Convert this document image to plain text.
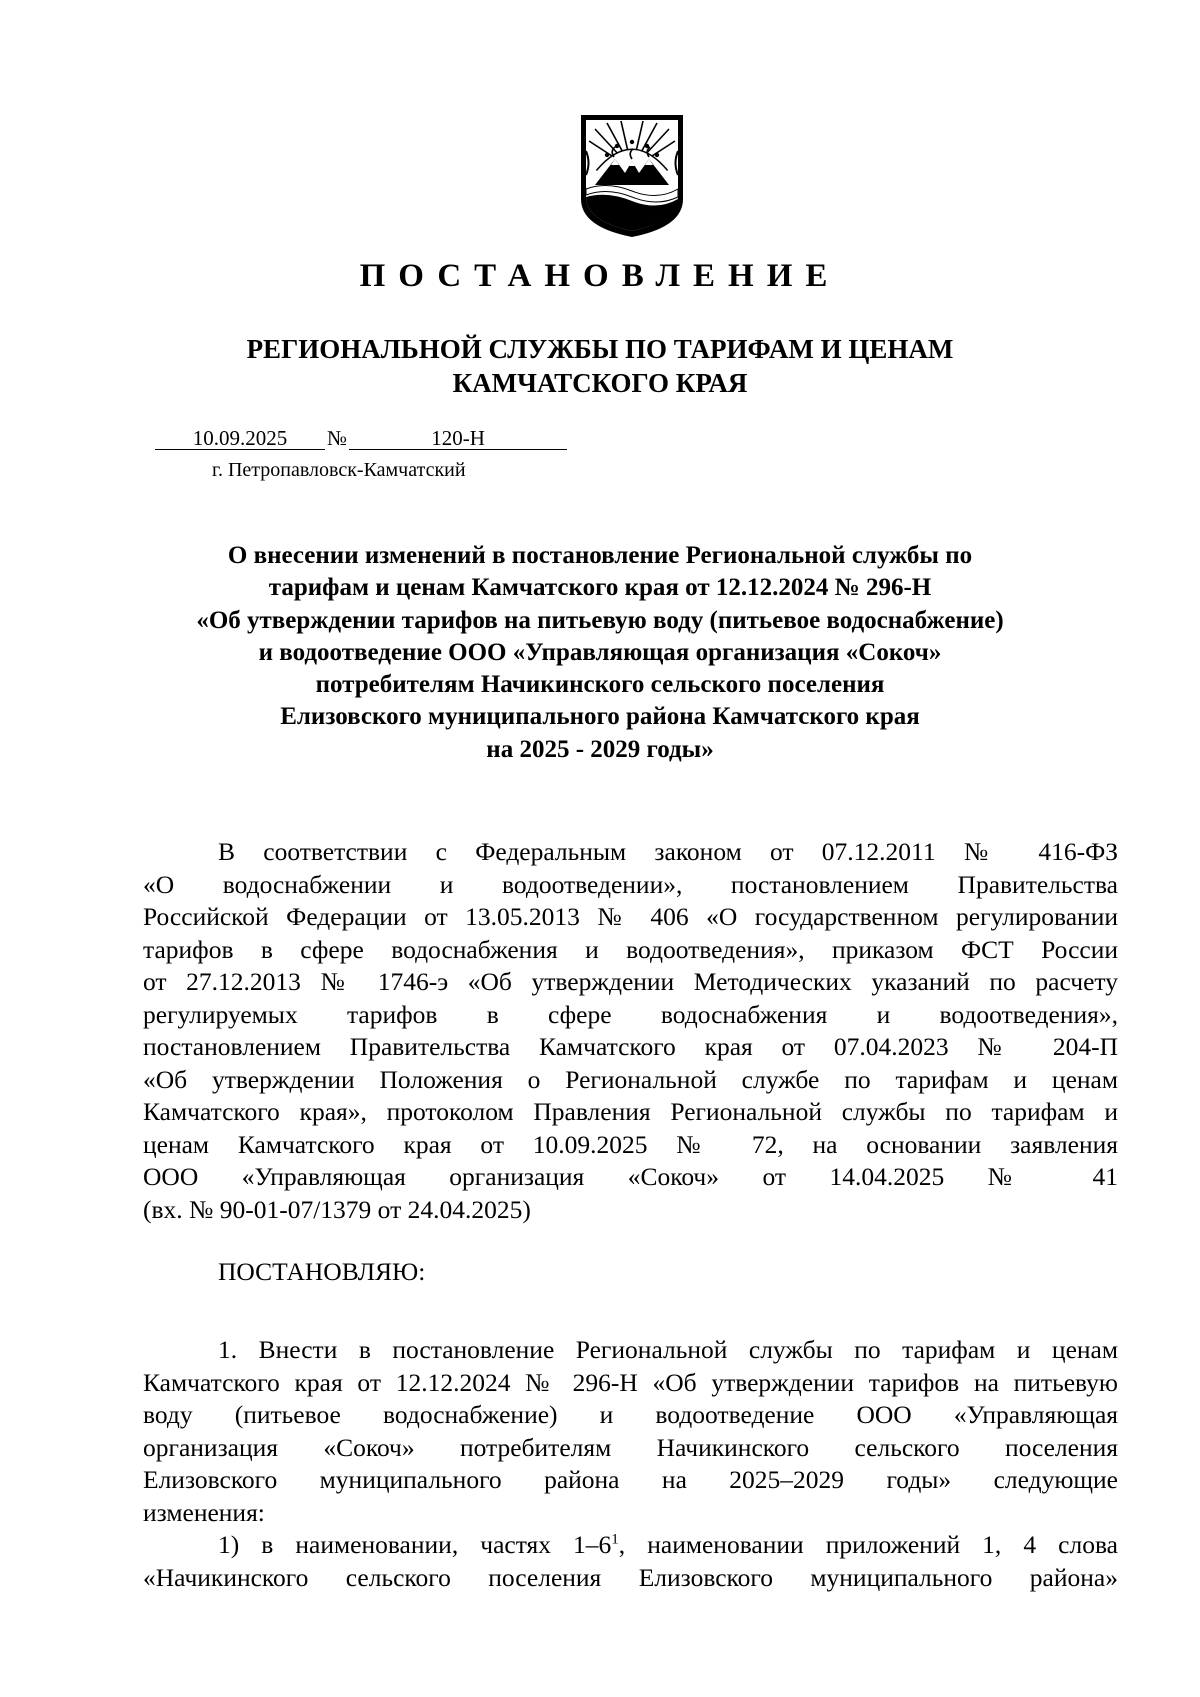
ПОСТАНОВЛЕНИЕ
РЕГИОНАЛЬНОЙ СЛУЖБЫ ПО ТАРИФАМ И ЦЕНАМ
КАМЧАТСКОГО КРАЯ
10.09.2025 №	120-Н
г. Петропавловск-Камчатский
О внесении изменений в постановление Региональной службы по
тарифам и ценам Камчатского края от 12.12.2024 № 296-Н
«Об утверждении тарифов на питьевую воду (питьевое водоснабжение)
и водоотведение ООО «Управляющая организация «Сокоч»
потребителям Начикинского сельского поселения
Елизовского муниципального района Камчатского края
на 2025 - 2029 годы»
В соответствии с Федеральным законом от 07.12.2011 № 416-ФЗ
«О водоснабжении и водоотведении», постановлением Правительства
Российской Федерации от 13.05.2013 № 406 «О государственном регулировании
тарифов в сфере водоснабжения и водоотведения», приказом ФСТ России
от 27.12.2013 № 1746-э «Об утверждении Методических указаний по расчету
регулируемых тарифов в сфере водоснабжения и водоотведения»,
постановлением Правительства Камчатского края от 07.04.2023 № 204-П
«Об утверждении Положения о Региональной службе по тарифам и ценам
Камчатского края», протоколом Правления Региональной службы по тарифам и
ценам Камчатского края от 10.09.2025 № 72, на основании заявления
ООО «Управляющая организация «Сокоч» от 14.04.2025 № 41
(вх. № 90-01-07/1379 от 24.04.2025)
ПОСТАНОВЛЯЮ:
1. Внести в постановление Региональной службы по тарифам и ценам
Камчатского края от 12.12.2024 № 296-Н «Об утверждении тарифов на питьевую
воду (питьевое водоснабжение) и водоотведение ООО «Управляющая
организация «Сокоч» потребителям Начикинского сельского поселения
Елизовского муниципального района на 2025–2029 годы» следующие
изменения:
1) в наименовании, частях $1-6^1$, наименовании приложений 1, 4 слова
«Начикинского сельского поселения Елизовского муниципального района»
